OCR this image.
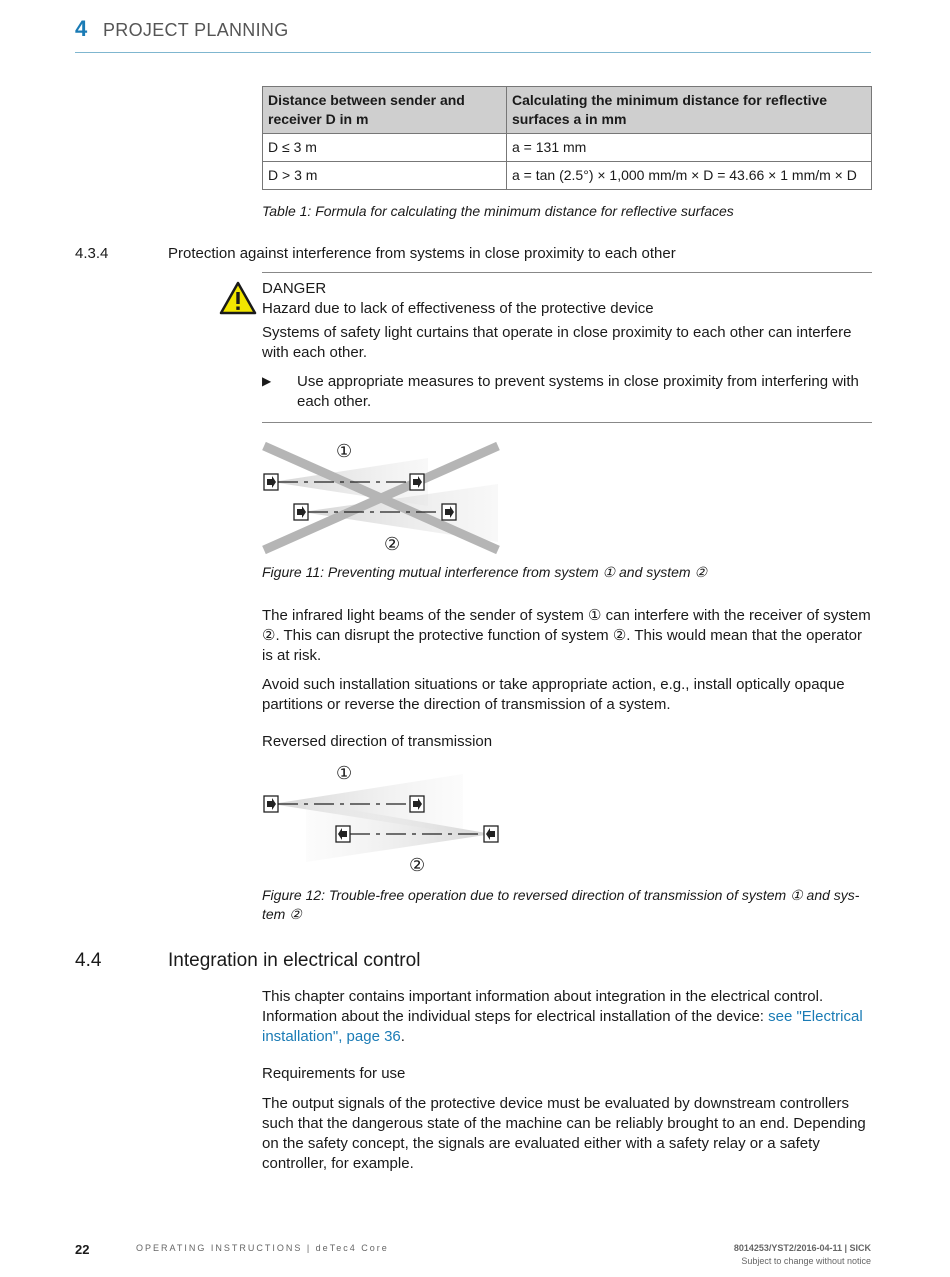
4 PROJECT PLANNING
Distance between sender and receiver D in m	Calculating the minimum distance for reflective surfaces a in mm
D ≤ 3 m	a = 131 mm
D > 3 m	a = tan (2.5°) × 1,000 mm/m × D = 43.66 × 1 mm/m × D
Table 1: Formula for calculating the minimum distance for reflective surfaces
4.3.4	Protection against interference from systems in close proximity to each other
DANGER
Hazard due to lack of effectiveness of the protective device
Systems of safety light curtains that operate in close proximity to each other can interfere with each other.
▶ Use appropriate measures to prevent systems in close proximity from interfering with each other.
①
②
Figure 11: Preventing mutual interference from system ① and system ②
The infrared light beams of the sender of system ① can interfere with the receiver of system ②. This can disrupt the protective function of system ②. This would mean that the operator is at risk.
Avoid such installation situations or take appropriate action, e.g., install optically opaque partitions or reverse the direction of transmission of a system.
Reversed direction of transmission
①
②
Figure 12: Trouble-free operation due to reversed direction of transmission of system ① and system ②
4.4	Integration in electrical control
This chapter contains important information about integration in the electrical control. Information about the individual steps for electrical installation of the device: see "Electrical installation", page 36.
Requirements for use
The output signals of the protective device must be evaluated by downstream controllers such that the dangerous state of the machine can be reliably brought to an end. Depending on the safety concept, the signals are evaluated either with a safety relay or a safety controller, for example.
22	OPERATING INSTRUCTIONS | deTec4 Core	8014253/YST2/2016-04-11 | SICK
Subject to change without notice
